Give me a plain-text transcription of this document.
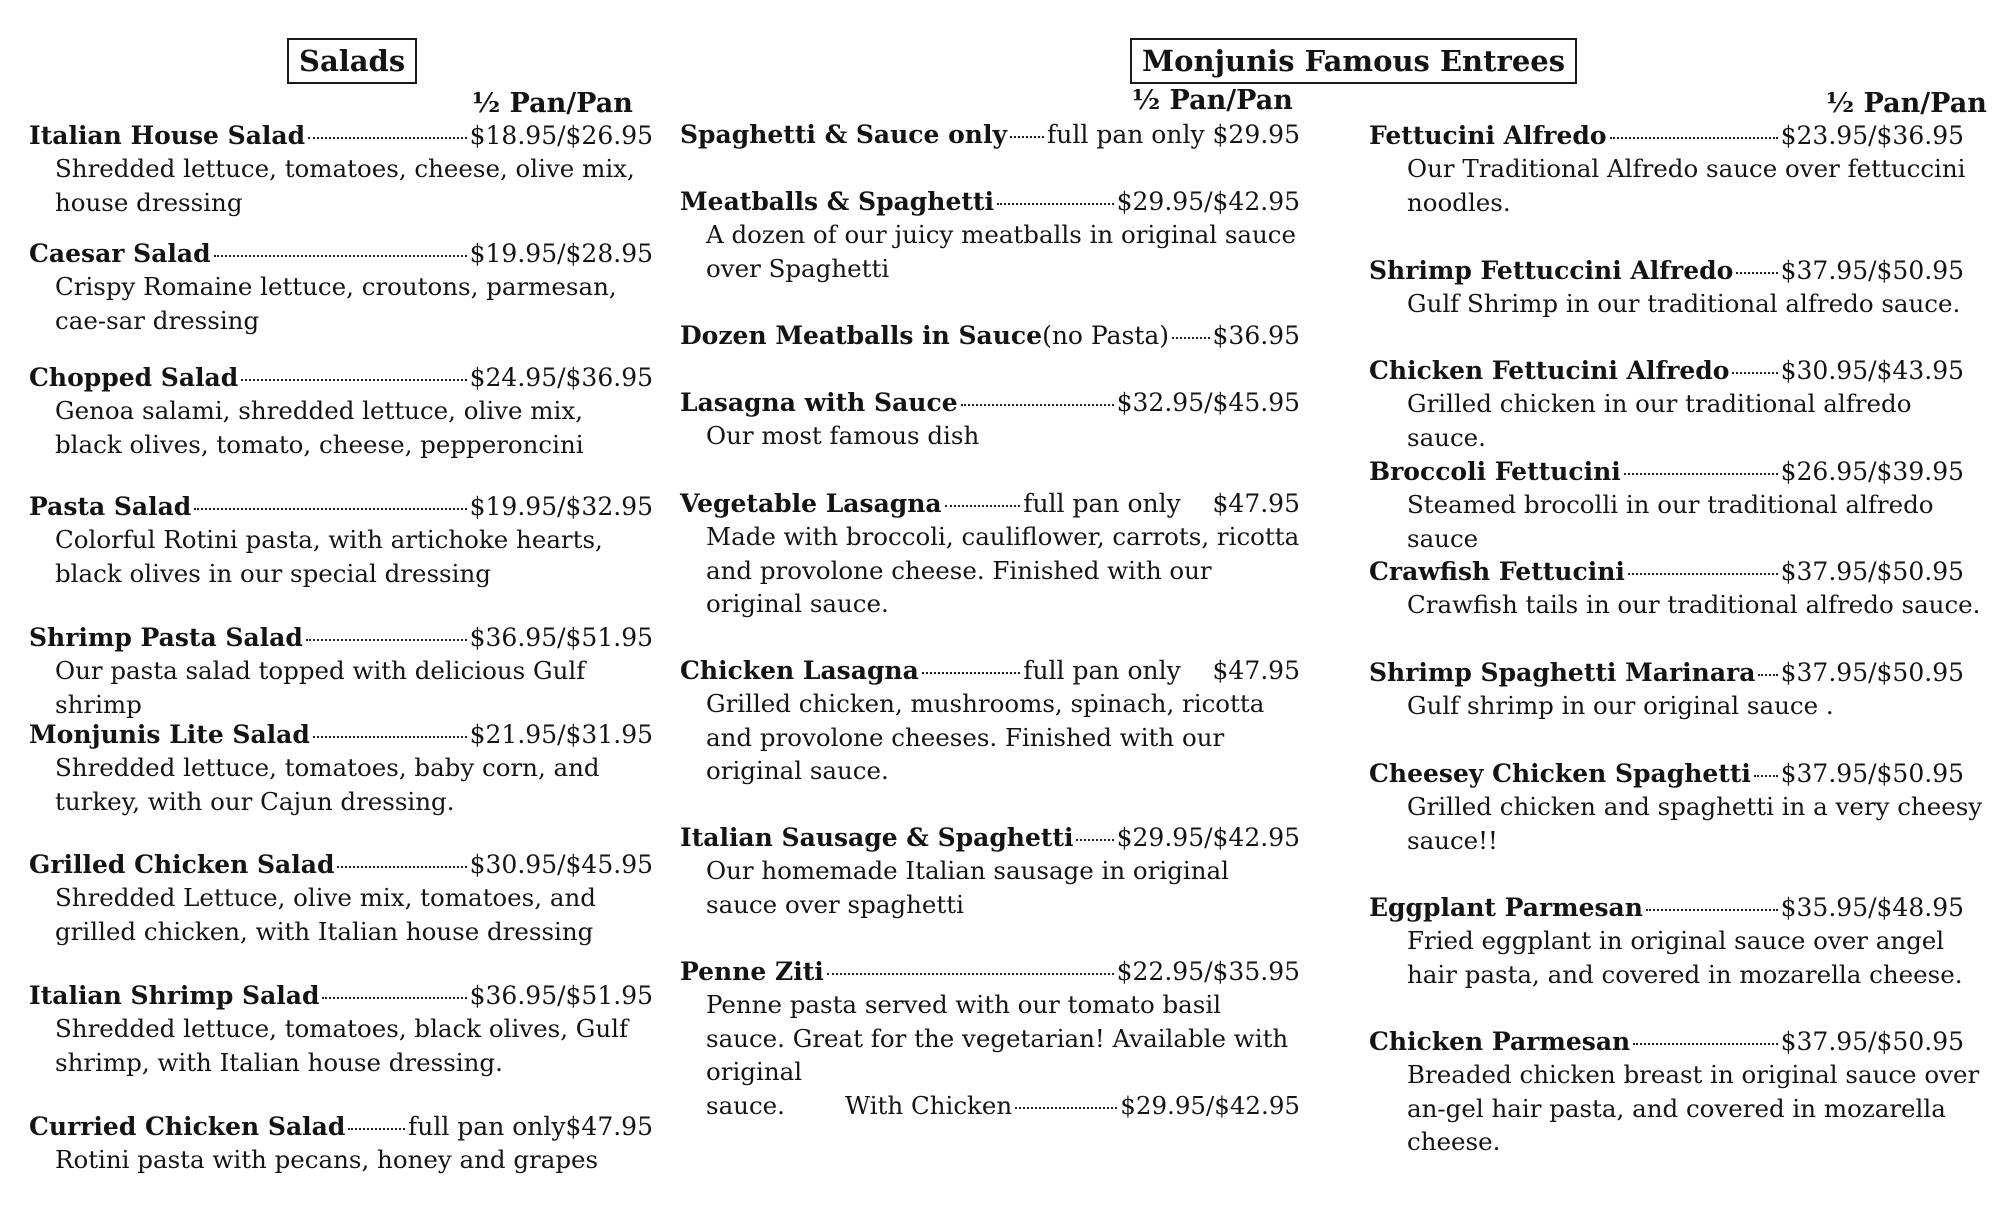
Salads
½ Pan/Pan
Italian House Salad	$18.95/$26.95
Shredded lettuce, tomatoes, cheese, olive mix, house dressing
Caesar Salad	$19.95/$28.95
Crispy Romaine lettuce, croutons, parmesan, cae-sar dressing
Chopped Salad	$24.95/$36.95
Genoa salami, shredded lettuce, olive mix, black olives, tomato, cheese, pepperoncini
Pasta Salad	$19.95/$32.95
Colorful Rotini pasta, with artichoke hearts, black olives in our special dressing
Shrimp Pasta Salad	$36.95/$51.95
Our pasta salad topped with delicious Gulf shrimp
Monjunis Lite Salad	$21.95/$31.95
Shredded lettuce, tomatoes, baby corn, and turkey, with our Cajun dressing.
Grilled Chicken Salad	$30.95/$45.95
Shredded Lettuce, olive mix, tomatoes, and grilled chicken, with Italian house dressing
Italian Shrimp Salad	$36.95/$51.95
Shredded lettuce, tomatoes, black olives, Gulf shrimp, with Italian house dressing.
Curried Chicken Salad	full pan only$47.95
Rotini pasta with pecans, honey and grapes
Monjunis Famous Entrees
½ Pan/Pan
Spaghetti & Sauce only full pan only $29.95
Meatballs & Spaghetti	$29.95/$42.95
A dozen of our juicy meatballs in original sauce over Spaghetti
Dozen Meatballs in Sauce (no Pasta) $36.95
Lasagna with Sauce	$32.95/$45.95
Our most famous dish
Vegetable Lasagna	full pan only    $47.95
Made with broccoli, cauliflower, carrots, ricotta and provolone cheese. Finished with our original sauce.
Chicken Lasagna	full pan only    $47.95
Grilled chicken, mushrooms, spinach, ricotta and provolone cheeses. Finished with our original sauce.
Italian Sausage & Spaghetti $29.95/$42.95
Our homemade Italian sausage in original sauce over spaghetti
Penne Ziti	$22.95/$35.95
Penne pasta served with our tomato basil sauce. Great for the vegetarian! Available with original
sauce. With Chicken	$29.95/$42.95
½ Pan/Pan
Fettucini Alfredo	$23.95/$36.95
Our Traditional Alfredo sauce over fettuccini noodles.
Shrimp Fettuccini Alfredo $37.95/$50.95
Gulf Shrimp in our traditional alfredo sauce.
Chicken Fettucini Alfredo $30.95/$43.95
Grilled chicken in our traditional alfredo sauce.
Broccoli Fettucini	$26.95/$39.95
Steamed brocolli in our traditional alfredo sauce
Crawfish Fettucini	$37.95/$50.95
Crawfish tails in our traditional alfredo sauce.
Shrimp Spaghetti Marinara $37.95/$50.95
Gulf shrimp in our original sauce .
Cheesey Chicken Spaghetti $37.95/$50.95
Grilled chicken and spaghetti in a very cheesy sauce!!
Eggplant Parmesan	$35.95/$48.95
Fried eggplant in original sauce over angel hair pasta, and covered in mozarella cheese.
Chicken Parmesan	$37.95/$50.95
Breaded chicken breast in original sauce over an-gel hair pasta, and covered in mozarella cheese.
